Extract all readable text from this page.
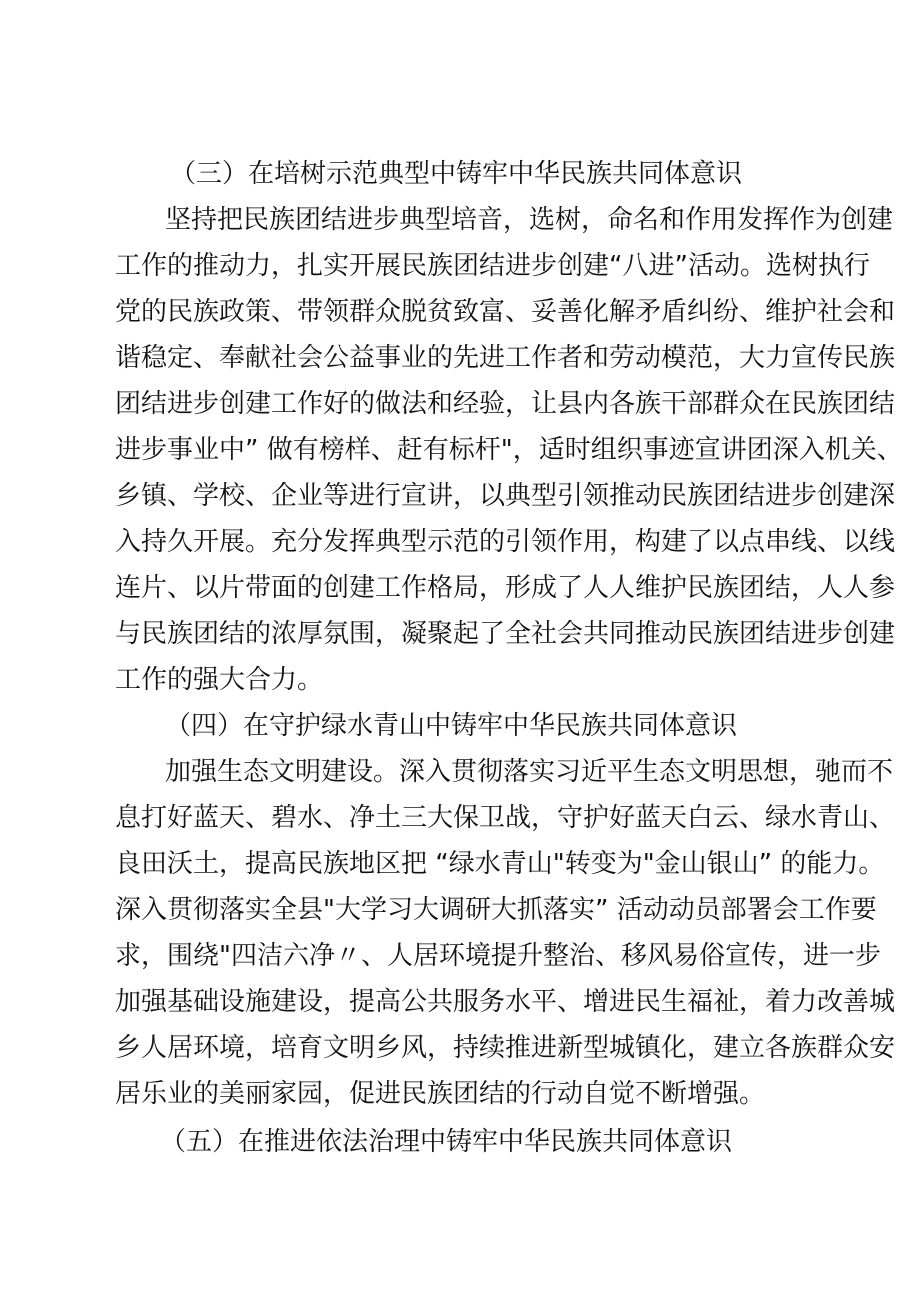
（三）在培树示范典型中铸牢中华民族共同体意识
坚持把民族团结进步典型培音，选树，命名和作用发挥作为创建
工作的推动力，扎实开展民族团结进步创建“八进”活动。选树执行
党的民族政策、带领群众脱贫致富、妥善化解矛盾纠纷、维护社会和
谐稳定、奉献社会公益事业的先进工作者和劳动模范，大力宣传民族
团结进步创建工作好的做法和经验，让县内各族干部群众在民族团结
进步事业中” 做有榜样、赶有标杆"，适时组织事迹宣讲团深入机关、
乡镇、学校、企业等进行宣讲，以典型引领推动民族团结进步创建深
入持久开展。充分发挥典型示范的引领作用，构建了以点串线、以线
连片、以片带面的创建工作格局，形成了人人维护民族团结，人人参
与民族团结的浓厚氛围，凝聚起了全社会共同推动民族团结进步创建
工作的强大合力。
（四）在守护绿水青山中铸牢中华民族共同体意识
加强生态文明建设。深入贯彻落实习近平生态文明思想，驰而不
息打好蓝天、碧水、净土三大保卫战，守护好蓝天白云、绿水青山、
良田沃土，提高民族地区把 “绿水青山"转变为"金山银山” 的能力。
深入贯彻落实全县"大学习大调研大抓落实” 活动动员部署会工作要
求，围绕"四洁六净〃、人居环境提升整治、移风易俗宣传，进一步
加强基础设施建设，提高公共服务水平、增进民生福祉，着力改善城
乡人居环境，培育文明乡风，持续推进新型城镇化，建立各族群众安
居乐业的美丽家园，促进民族团结的行动自觉不断增强。
（五）在推进依法治理中铸牢中华民族共同体意识
